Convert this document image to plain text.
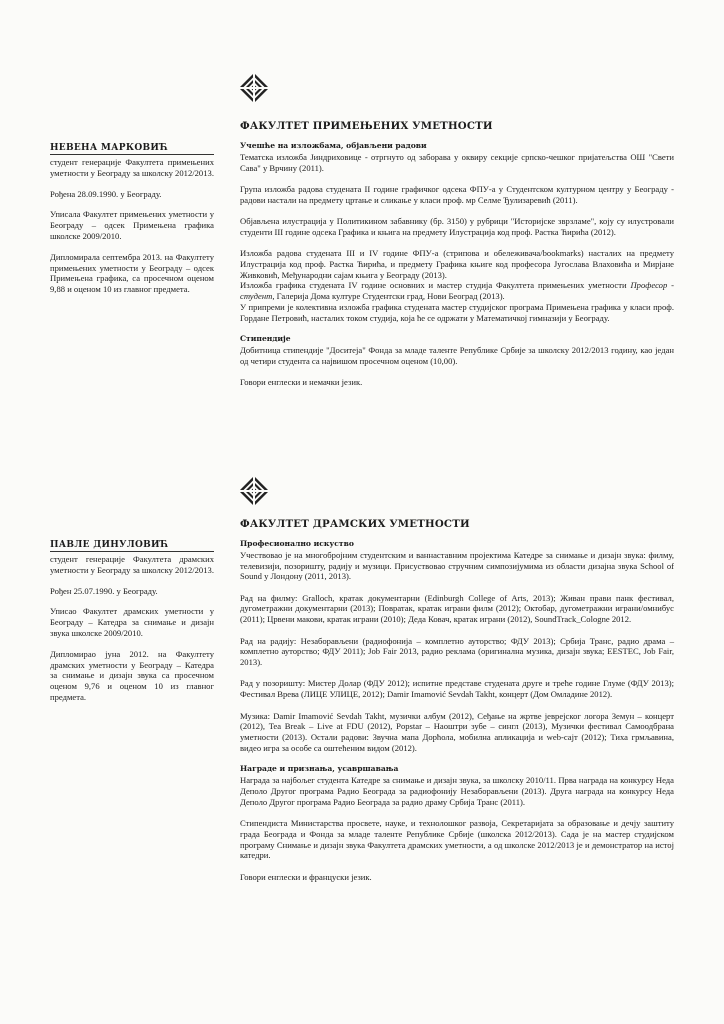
ФАКУЛТЕТ ПРИМЕЊЕНИХ УМЕТНОСТИ
НЕВЕНА МАРКОВИЋ

студент генерације Факултета примењених уметности у Београду за школску 2012/2013.

Рођена 28.09.1990. у Београду.

Уписала Факултет примењених уметности у Београду – одсек Примењена графика школске 2009/2010.

Дипломирала септембра 2013. на Факултету примењених уметности у Београду – одсек Примењена графика, са просечном оценом 9,88 и оценом 10 из главног предмета.

Учешће на изложбама, објављени радови

Тематска изложба Јиндриховице - отргнуто од заборава у оквиру секције српско-чешког пријатељства ОШ "Свети Сава" у Врчину (2011).

Група изложба радова студената II године графичког одсека ФПУ-а у Студентском културном центру у Београду - радови настали на предмету цртање и сликање у класи проф. мр Селме Ђулизаревић (2011).

Објављена илустрација у Политикином забавнику (бр. 3150) у рубрици "Историјске зврзламе", коју су илустровали студенти III године одсека Графика и књига на предмету Илустрација код проф. Растка Ћирића (2012).

Изложба радова студената III и IV године ФПУ-а (стрипова и обележивача/bookmarks) насталих на предмету Илустрација код проф. Растка Ћирића, и предмету Графика књиге код професора Југослава Влаховића и Мирјане Живковић, Међународни сајам књига у Београду (2013).

Изложба графика студената IV године основних и мастер студија Факултета примењених уметности Професор - студент, Галерија Дома културе Студентски град, Нови Београд (2013).

У припреми је колективна изложба графика студената мастер студијског програма Примењена графика у класи проф. Гордане Петровић, насталих током студија, која ће се одржати у Математичкој гимназији у Београду.

Стипендије

Добитница стипендије "Доситеја" Фонда за младе таленте Републике Србије за школску 2012/2013 годину, као један од четири студента са највишом просечном оценом (10,00).

Говори енглески и немачки језик.

ФАКУЛТЕТ ДРАМСКИХ УМЕТНОСТИ
ПАВЛЕ ДИНУЛОВИЋ

студент генерације Факултета драмских уметности у Београду за школску 2012/2013.

Рођен 25.07.1990. у Београду.

Уписао Факултет драмских уметности у Београду – Катедра за снимање и дизајн звука школске 2009/2010.

Дипломирао јуна 2012. на Факултету драмских уметности у Београду – Катедра за снимање и дизајн звука са просечном оценом 9,76 и оценом 10 из главног предмета.

Професионално искуство

Учествовао је на многобројним студентским и ваннаставним пројектима Катедре за снимање и дизајн звука: филму, телевизији, позоришту, радију и музици. Присуствовао стручним симпозијумима из области дизајна звука School of Sound у Лондону (2011, 2013).

Рад на филму: Gralloch, кратак документарни (Edinburgh College of Arts, 2013); Живан прави панк фестивал, дугометражни документарни (2013); Повратак, кратак играни филм (2012); Октобар, дугометражни играни/омнибус (2011); Црвени макови, кратак играни (2010); Деда Ковач, кратак играни (2012), SoundTrack_Cologne 2012.

Рад на радију: Незаборављени (радиофонија – комплетно ауторство; ФДУ 2013); Србија Транс, радио драма – комплетно ауторство; ФДУ 2011); Job Fair 2013, радио реклама (оригинална музика, дизајн звука; EESTEC, Job Fair, 2013).

Рад у позоришту: Мистер Долар (ФДУ 2012); испитне представе студената друге и треће године Глуме (ФДУ 2013); Фестивал Врева (ЛИЦЕ УЛИЦЕ, 2012); Damir Imamović Sevdah Takht, концерт (Дом Омладине 2012).

Музика: Damir Imamović Sevdah Takht, музички албум (2012), Сеђање на жртве јеврејског логора Земун – концерт (2012), Tea Break – Live at FDU (2012), Popstar – Наоштри зубе – сингл (2013), Музички фестивал Самоодбрана уметности (2013). Остали радови: Звучна мапа Дорћола, мобилна апликација и web-сајт (2012); Тиха грмљавина, видео игра за особе са оштећеним видом (2012).

Награде и признања, усавршавања

Награда за најбољег студента Катедре за снимање и дизајн звука, за школску 2010/11. Прва награда на конкурсу Неда Деполо Другог програма Радио Београда за радиофонију Незаборављени (2013). Друга награда на конкурсу Неда Деполо Другог програма Радио Београда за радио драму Србија Транс (2011).

Стипендиста Министарства просвете, науке, и технолошког развоја, Секретаријата за образовање и дечју заштиту града Београда и Фонда за младе таленте Републике Србије (школска 2012/2013). Сада је на мастер студијском програму Снимање и дизајн звука Факултета драмских уметности, а од школске 2012/2013 је и демонстратор на истој катедри.

Говори енглески и француски језик.
